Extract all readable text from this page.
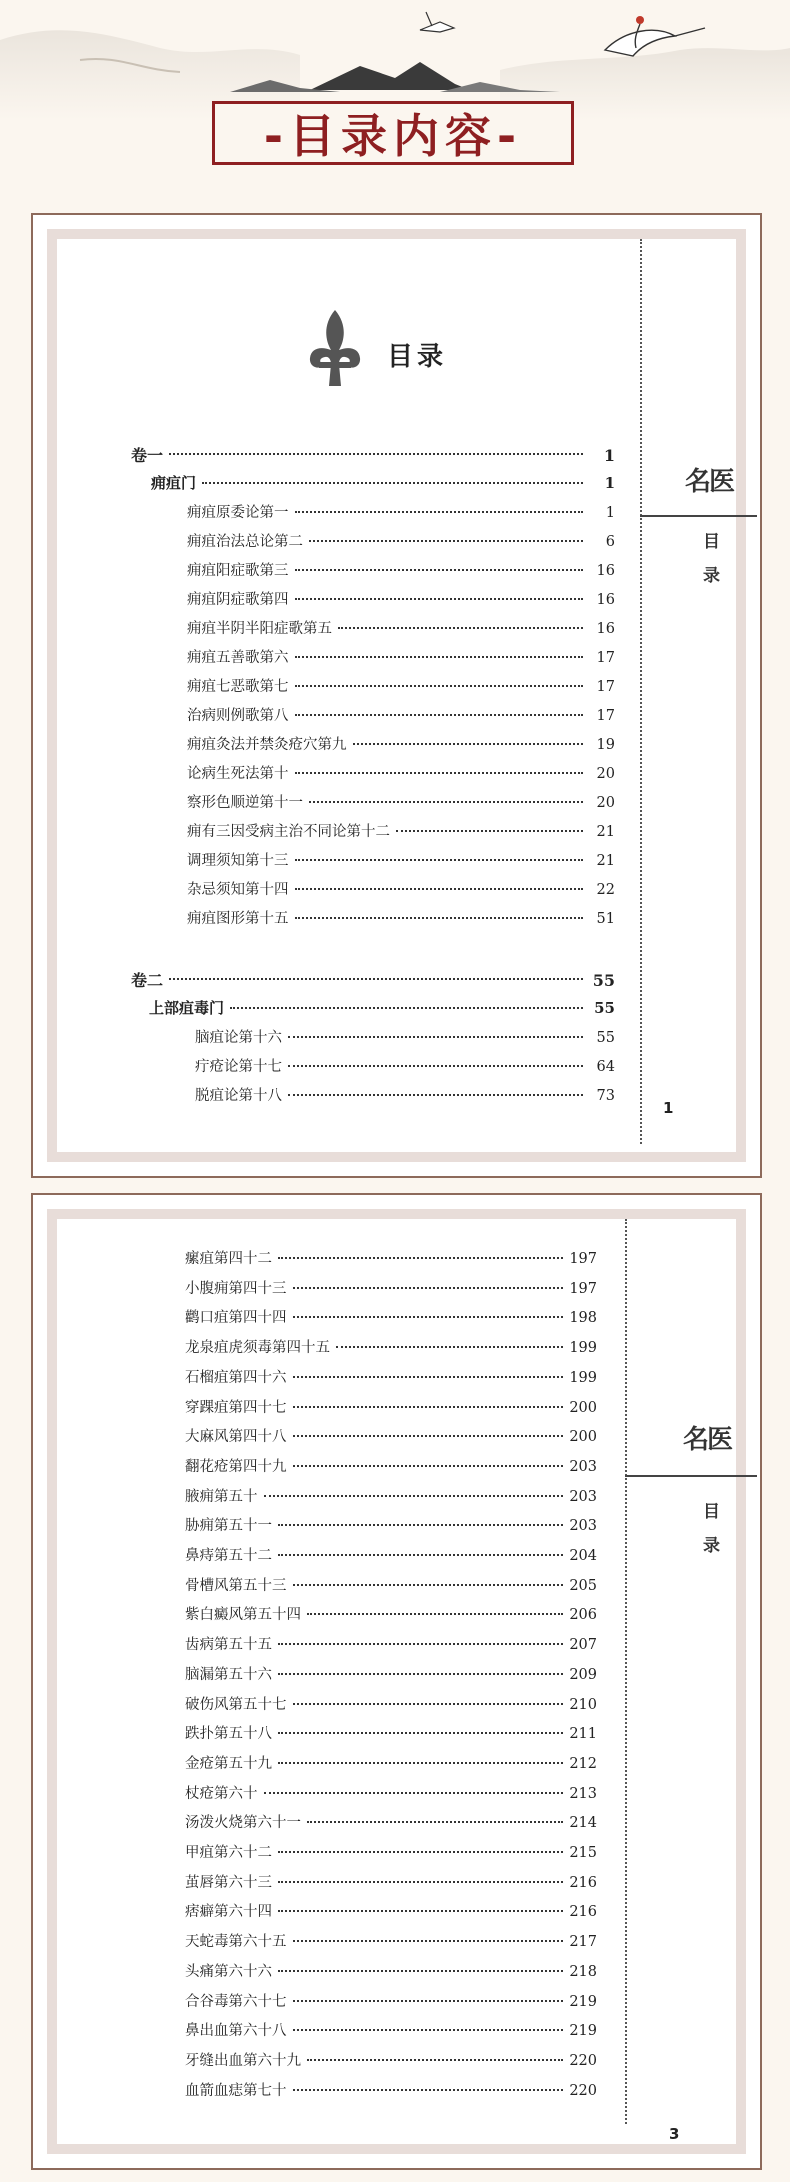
-目录内容-
卷一	1
痈疽门	1
痈疽原委论第一	1
痈疽治法总论第二	6
痈疽阳症歌第三	16
痈疽阴症歌第四	16
痈疽半阴半阳症歌第五	16
痈疽五善歌第六	17
痈疽七恶歌第七	17
治病则例歌第八	17
痈疽灸法并禁灸疮穴第九	19
论病生死法第十	20
察形色顺逆第十一	20
痈有三因受病主治不同论第十二	21
调理须知第十三	21
杂忌须知第十四	22
痈疽图形第十五	51
卷二	55
上部疽毒门	55
脑疽论第十六	55
疔疮论第十七	64
脱疽论第十八	73
目录
名医
目
录
1
瘰疽第四十二	197
小腹痈第四十三	197
鹳口疽第四十四	198
龙泉疽虎须毒第四十五	199
石榴疽第四十六	199
穿踝疽第四十七	200
大麻风第四十八	200
翻花疮第四十九	203
腋痈第五十	203
胁痈第五十一	203
鼻痔第五十二	204
骨槽风第五十三	205
紫白癜风第五十四	206
齿病第五十五	207
脑漏第五十六	209
破伤风第五十七	210
跌扑第五十八	211
金疮第五十九	212
杖疮第六十	213
汤泼火烧第六十一	214
甲疽第六十二	215
茧唇第六十三	216
痞癖第六十四	216
天蛇毒第六十五	217
头痛第六十六	218
合谷毒第六十七	219
鼻出血第六十八	219
牙缝出血第六十九	220
血箭血痣第七十	220
名医
目
录
3
